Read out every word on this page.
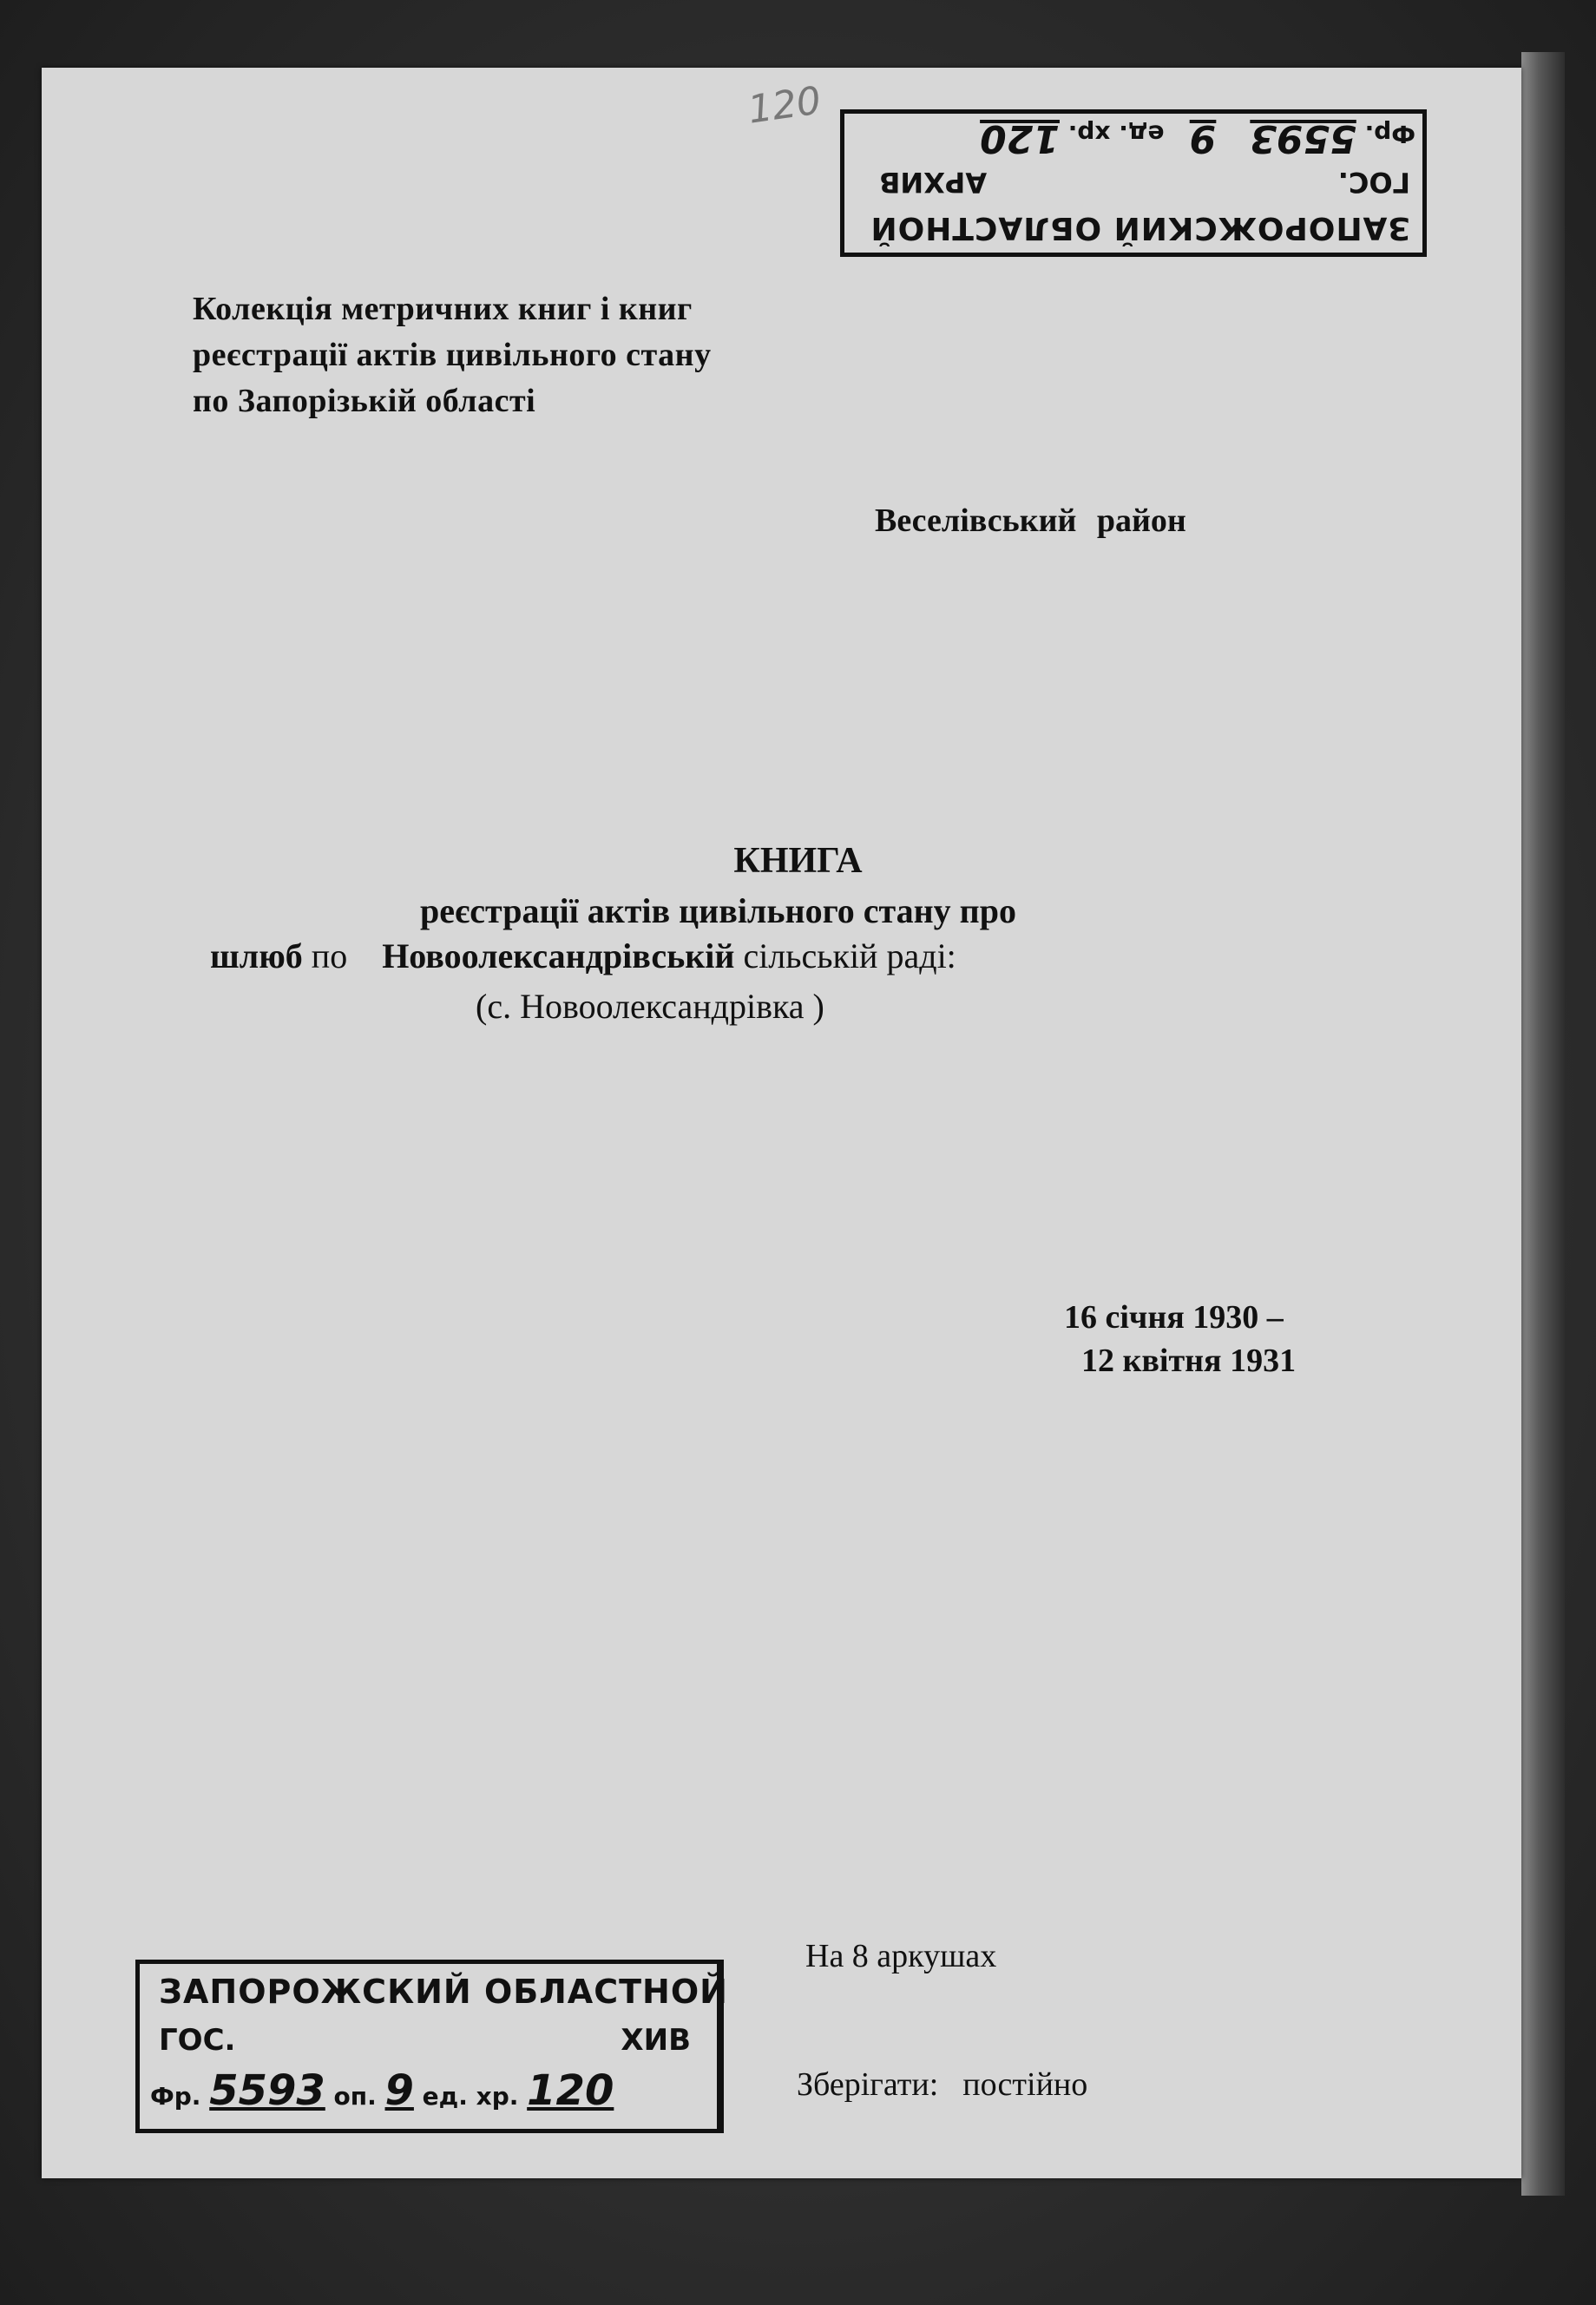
120
ЗАПОРОЖСКИЙ ОБЛАСТНОЙ
ГОС.
АРХИВ
Фр. 5593    9   ед. хр. 120
Колекція метричних книг і книг
реєстрації актів цивільного стану
по Запорізькій області
Веселівський район
КНИГА
реєстрації актів цивільного стану про
шлюб по Новоолександрівській сільській раді:
(с. Новоолександрівка )
16 січня 1930 –
12 квітня 1931
На 8 аркушах
Зберігати: постійно
ЗАПОРОЖСКИЙ ОБЛАСТНОЙ
ГОС.	ХИВ
Фр. 5593 оп. 9 ед. хр. 120
